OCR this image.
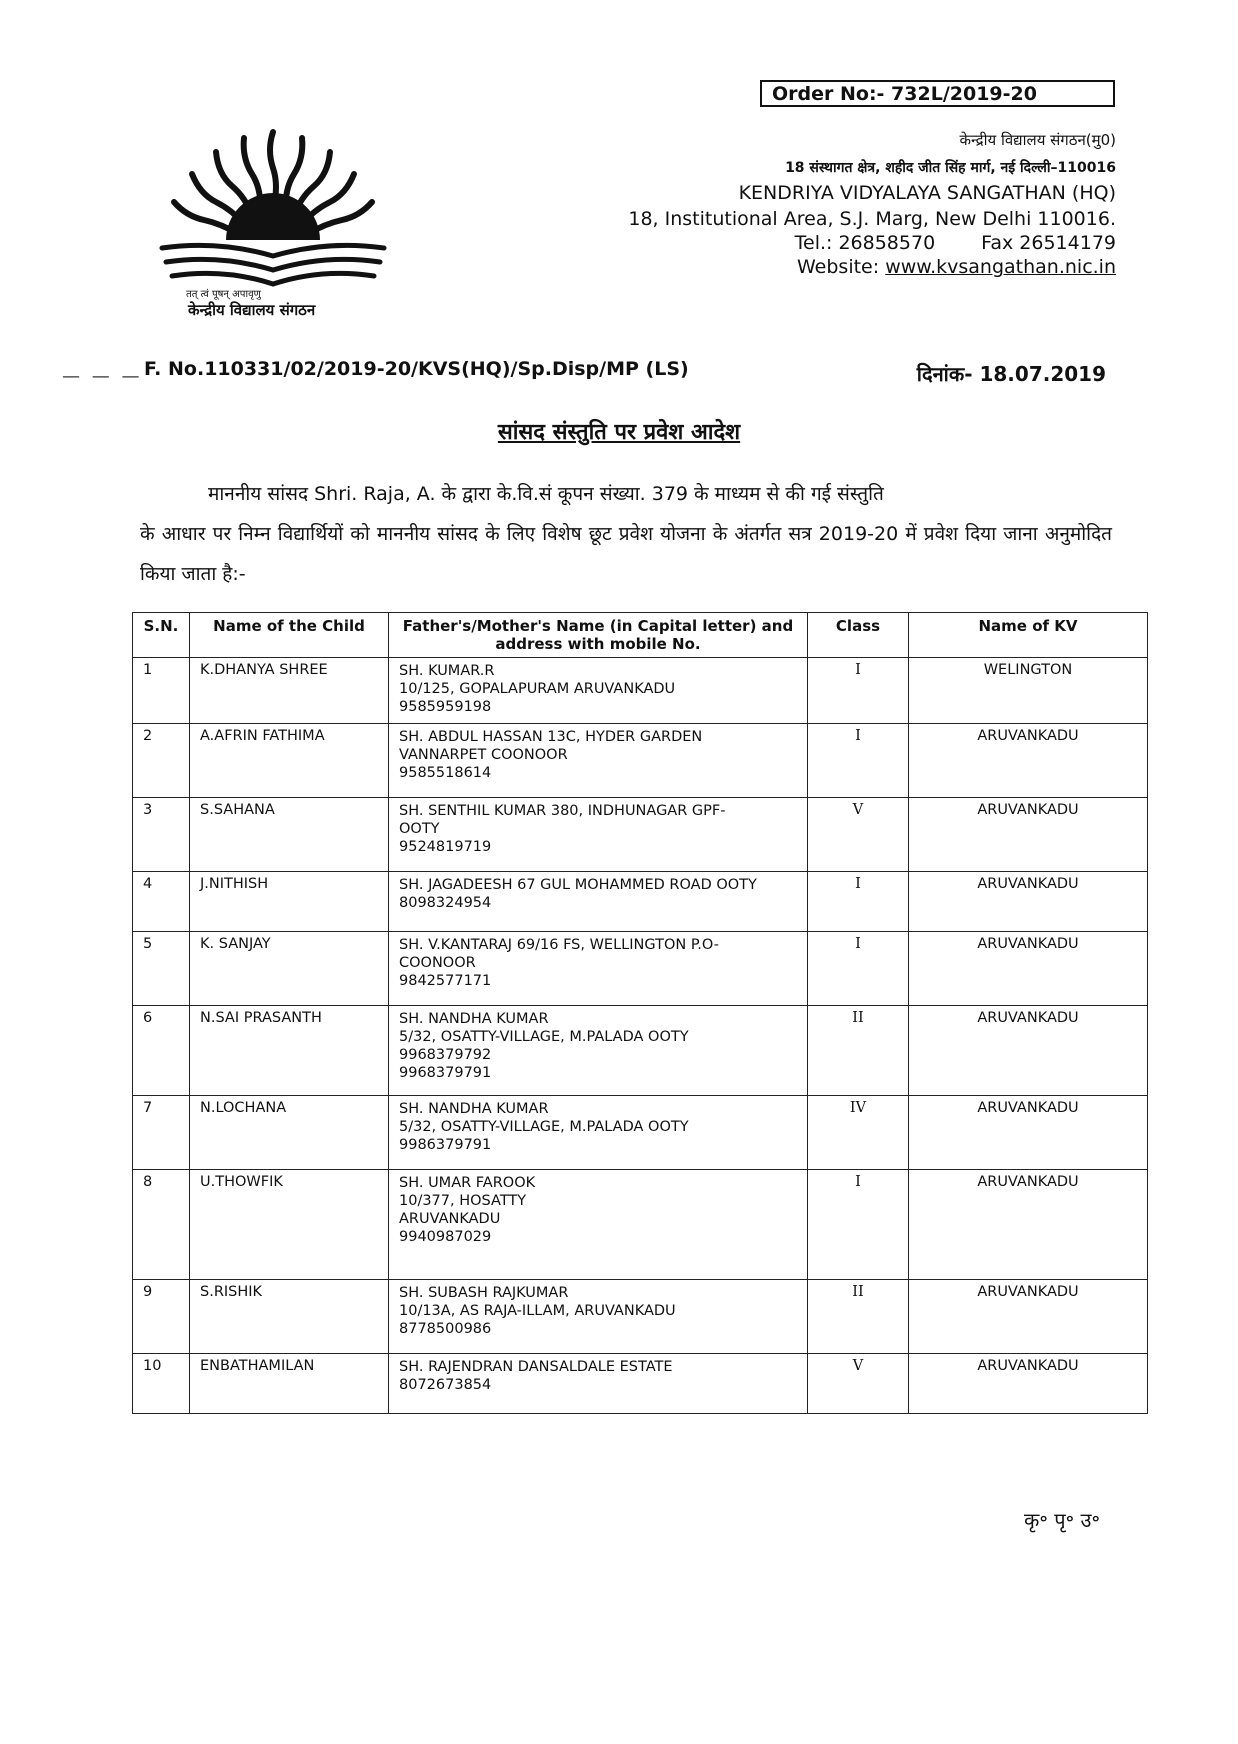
Order No:- 732L/2019-20
तत् त्वं पूषन् अपावृणु
केन्द्रीय विद्यालय संगठन
केन्द्रीय विद्यालय संगठन(मु0)
18 संस्थागत क्षेत्र, शहीद जीत सिंह मार्ग, नई दिल्ली–110016
KENDRIYA VIDYALAYA SANGATHAN (HQ)
18, Institutional Area, S.J. Marg, New Delhi 110016.
Tel.: 26858570 Fax 26514179
Website: www.kvsangathan.nic.in
— — — F. No.110331/02/2019-20/KVS(HQ)/Sp.Disp/MP (LS)	दिनांक- 18.07.2019
सांसद संस्तुति पर प्रवेश आदेश
माननीय सांसद Shri. Raja, A. के द्वारा के.वि.सं कूपन संख्या. 379 के माध्यम से की गई संस्तुति
के आधार पर निम्न विद्यार्थियों को माननीय सांसद के लिए विशेष छूट प्रवेश योजना के अंतर्गत सत्र 2019-20 में प्रवेश दिया जाना अनुमोदित किया जाता है:-
S.N.	Name of the Child	Father's/Mother's Name (in Capital letter) and address with mobile No.	Class	Name of KV
1	K.DHANYA SHREE	SH. KUMAR.R
10/125, GOPALAPURAM ARUVANKADU
9585959198	I	WELINGTON
2	A.AFRIN FATHIMA	SH. ABDUL HASSAN 13C, HYDER GARDEN
VANNARPET COONOOR
9585518614	I	ARUVANKADU
3	S.SAHANA	SH. SENTHIL KUMAR 380, INDHUNAGAR GPF-
OOTY
9524819719	V	ARUVANKADU
4	J.NITHISH	SH. JAGADEESH 67 GUL MOHAMMED ROAD OOTY
8098324954	I	ARUVANKADU
5	K. SANJAY	SH. V.KANTARAJ 69/16 FS, WELLINGTON P.O-
COONOOR
9842577171	I	ARUVANKADU
6	N.SAI PRASANTH	SH. NANDHA KUMAR
5/32, OSATTY-VILLAGE, M.PALADA OOTY
9968379792
9968379791	II	ARUVANKADU
7	N.LOCHANA	SH. NANDHA KUMAR
5/32, OSATTY-VILLAGE, M.PALADA OOTY
9986379791	IV	ARUVANKADU
8	U.THOWFIK	SH. UMAR FAROOK
10/377, HOSATTY
ARUVANKADU
9940987029	I	ARUVANKADU
9	S.RISHIK	SH. SUBASH RAJKUMAR
10/13A, AS RAJA-ILLAM, ARUVANKADU
8778500986	II	ARUVANKADU
10	ENBATHAMILAN	SH. RAJENDRAN DANSALDALE ESTATE
8072673854	V	ARUVANKADU
कृ॰ पृ॰ उ॰
